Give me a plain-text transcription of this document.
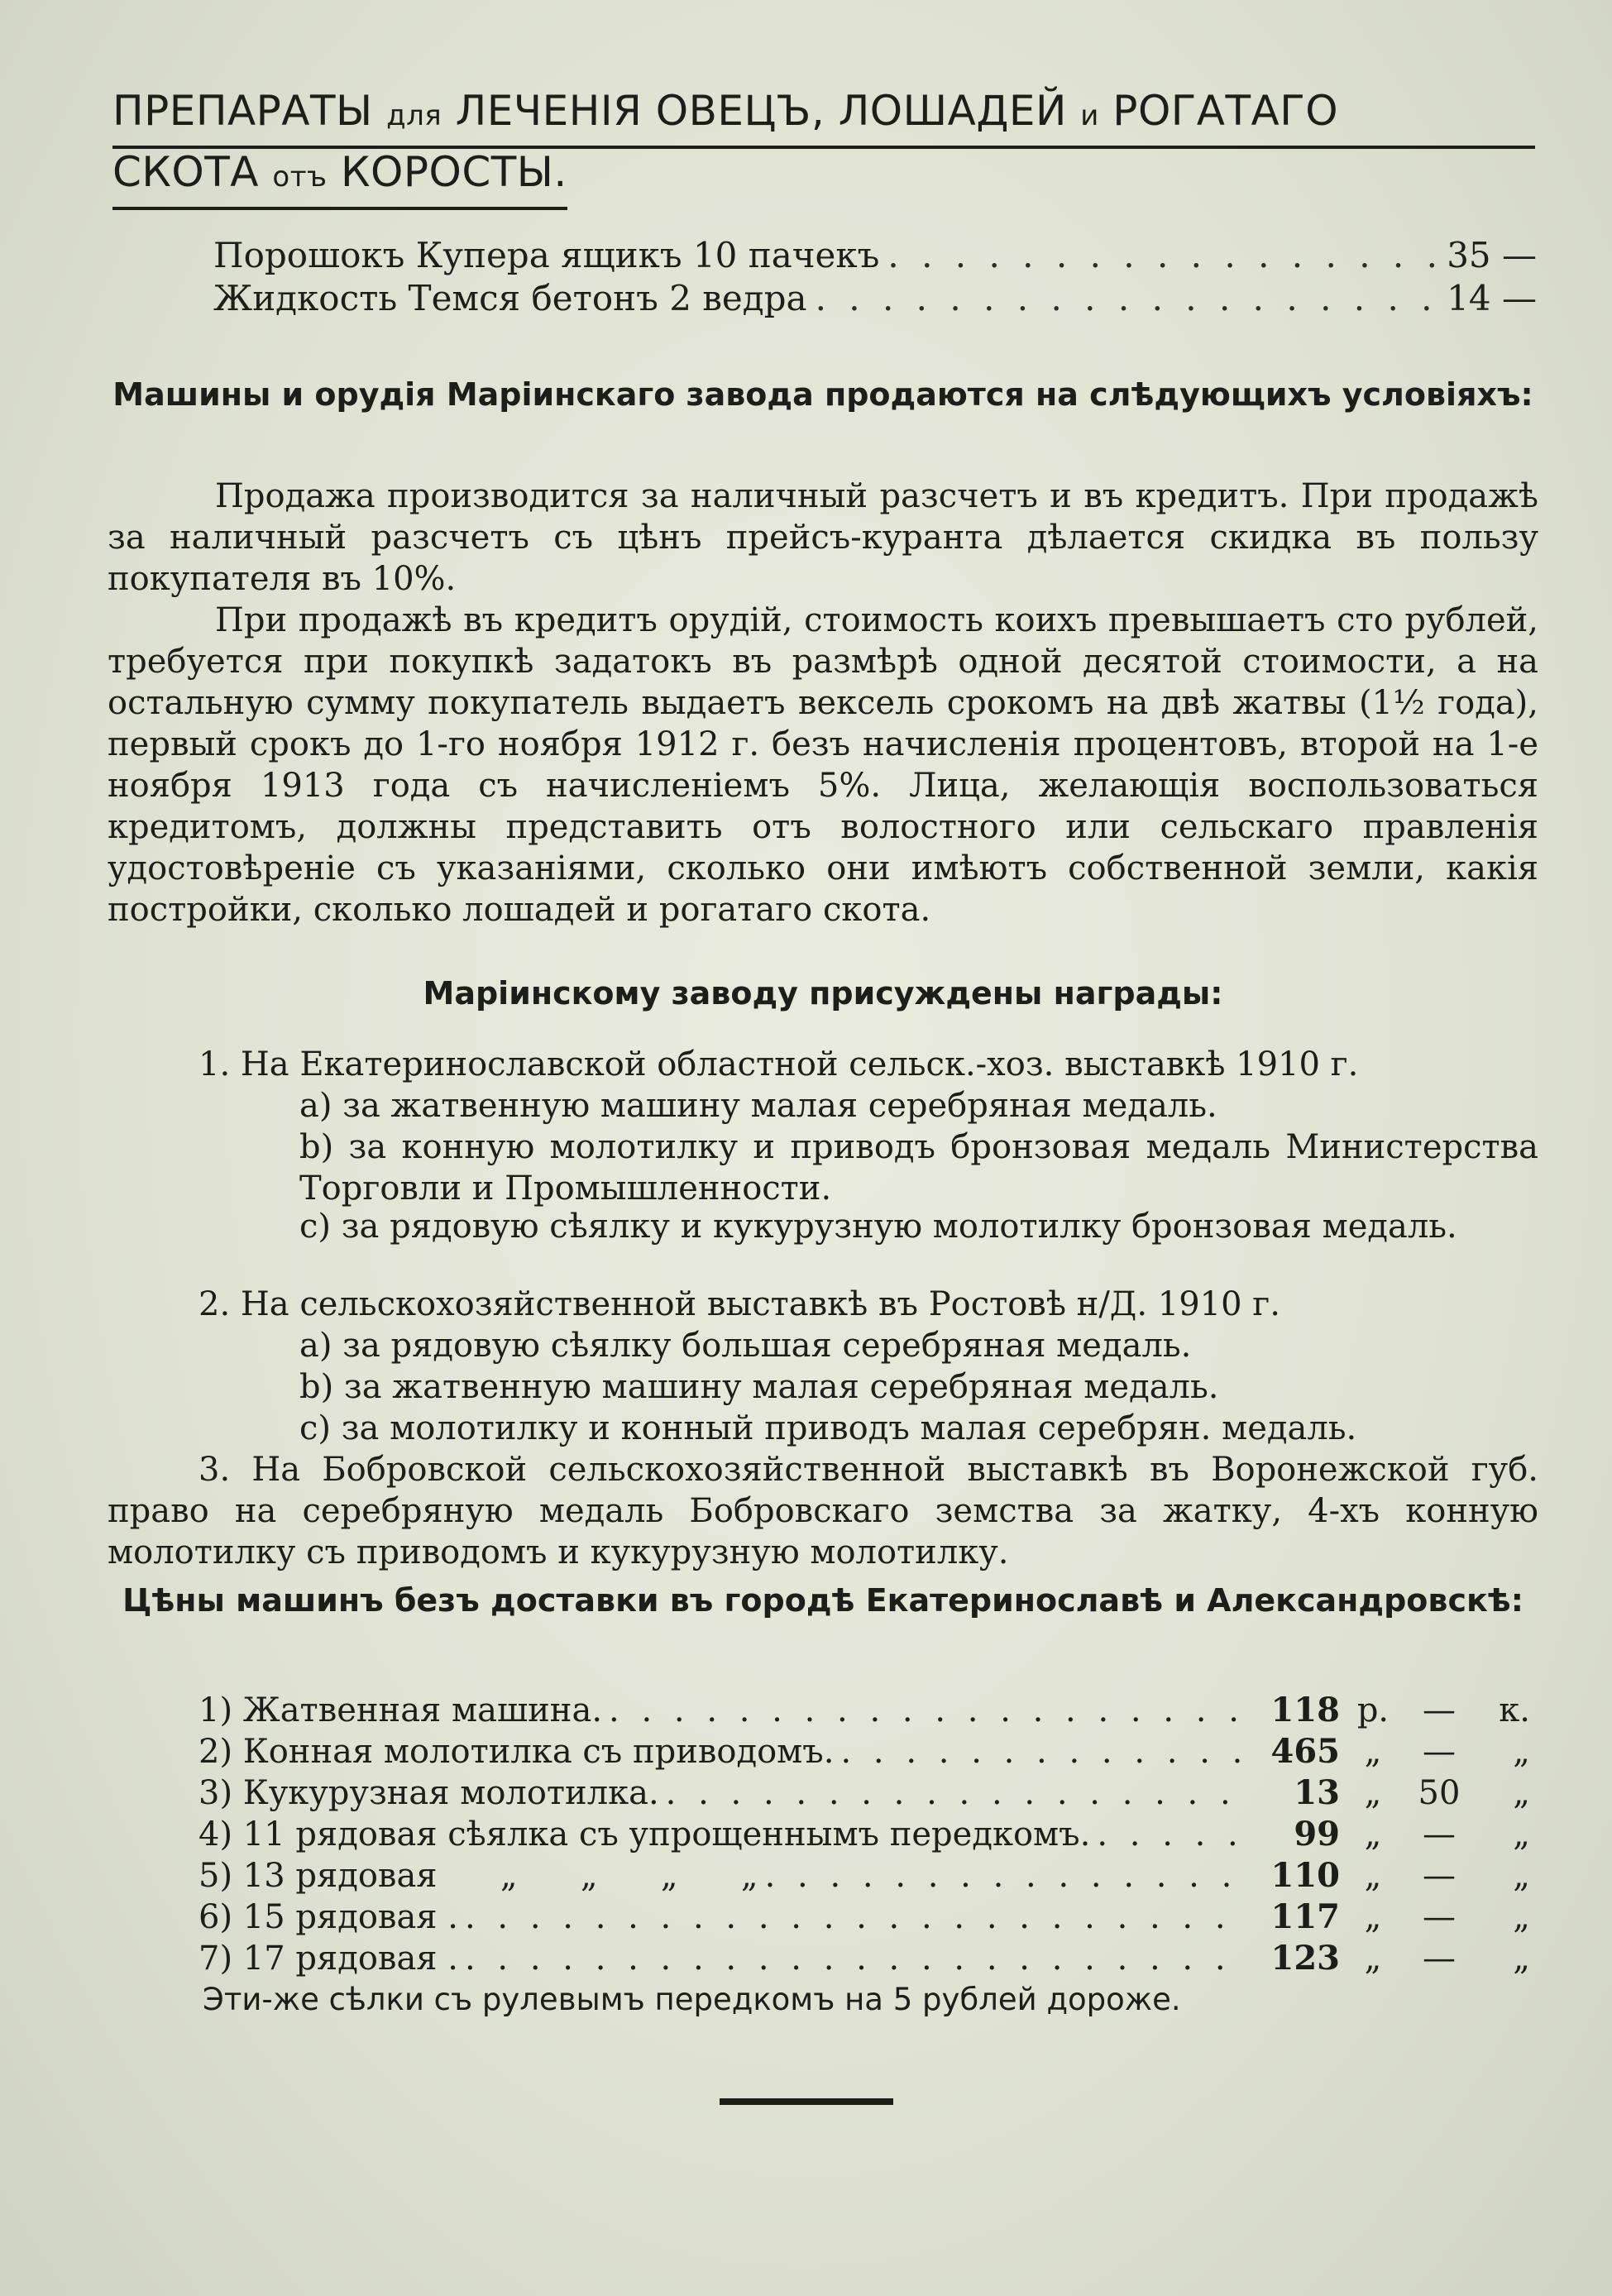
ПРЕПАРАТЫ для ЛЕЧЕНІЯ ОВЕЦЪ, ЛОШАДЕЙ и РОГАТАГО
СКОТА отъ КОРОСТЫ.
Порошокъ Купера ящикъ 10 пачекъ . . .	35 —
Жидкость Темся бетонъ 2 ведра . . .	14 —
Машины и орудія Маріинскаго завода продаются на слѣдующихъ условіяхъ:
Продажа производится за наличный разсчетъ и въ кредитъ. При продажѣ за наличный разсчетъ съ цѣнъ прейсъ-куранта дѣлается скидка въ пользу покупателя въ 10%.
При продажѣ въ кредитъ орудій, стоимость коихъ превышаетъ сто рублей, требуется при покупкѣ задатокъ въ размѣрѣ одной десятой стоимости, а на остальную сумму покупатель выдаетъ вексель срокомъ на двѣ жатвы (1½ года), первый срокъ до 1-го ноября 1912 г. безъ начисленія процентовъ, второй на 1-е ноября 1913 года съ начисленіемъ 5%. Лица, желающія воспользоваться кредитомъ, должны представить отъ волостного или сельскаго правленія удостовѣреніе съ указаніями, сколько они имѣютъ собственной земли, какія постройки, сколько лошадей и рогатаго скота.
Маріинскому заводу присуждены награды:
1. На Екатеринославской областной сельск.-хоз. выставкѣ 1910 г.
a) за жатвенную машину малая серебряная медаль.
b) за конную молотилку и приводъ бронзовая медаль Министерства Торговли и Промышленности.
c) за рядовую сѣялку и кукурузную молотилку бронзовая медаль.
2. На сельскохозяйственной выставкѣ въ Ростовѣ н/Д. 1910 г.
a) за рядовую сѣялку большая серебряная медаль.
b) за жатвенную машину малая серебряная медаль.
c) за молотилку и конный приводъ малая серебрян. медаль.
3. На Бобровской сельскохозяйственной выставкѣ въ Воронежской губ. право на серебряную медаль Бобровскаго земства за жатку, 4-хъ конную молотилку съ приводомъ и кукурузную молотилку.
Цѣны машинъ безъ доставки въ городѣ Екатеринославѣ и Александровскѣ:
1) Жатвенная машина. . . .	118 р.	—	к.
2) Конная молотилка съ приводомъ. . . .	465 „	—	„
3) Кукурузная молотилка. . . .	13 „	50	„
4) 11 рядовая сѣялка съ упрощеннымъ передкомъ. . . .	99 „	—	„
5) 13 рядовая      „      „      „      „ . . .	110 „	—	„
6) 15 рядовая . . . .	117 „	—	„
7) 17 рядовая . . . .	123 „	—	„
Эти-же сѣлки съ рулевымъ передкомъ на 5 рублей дороже.
